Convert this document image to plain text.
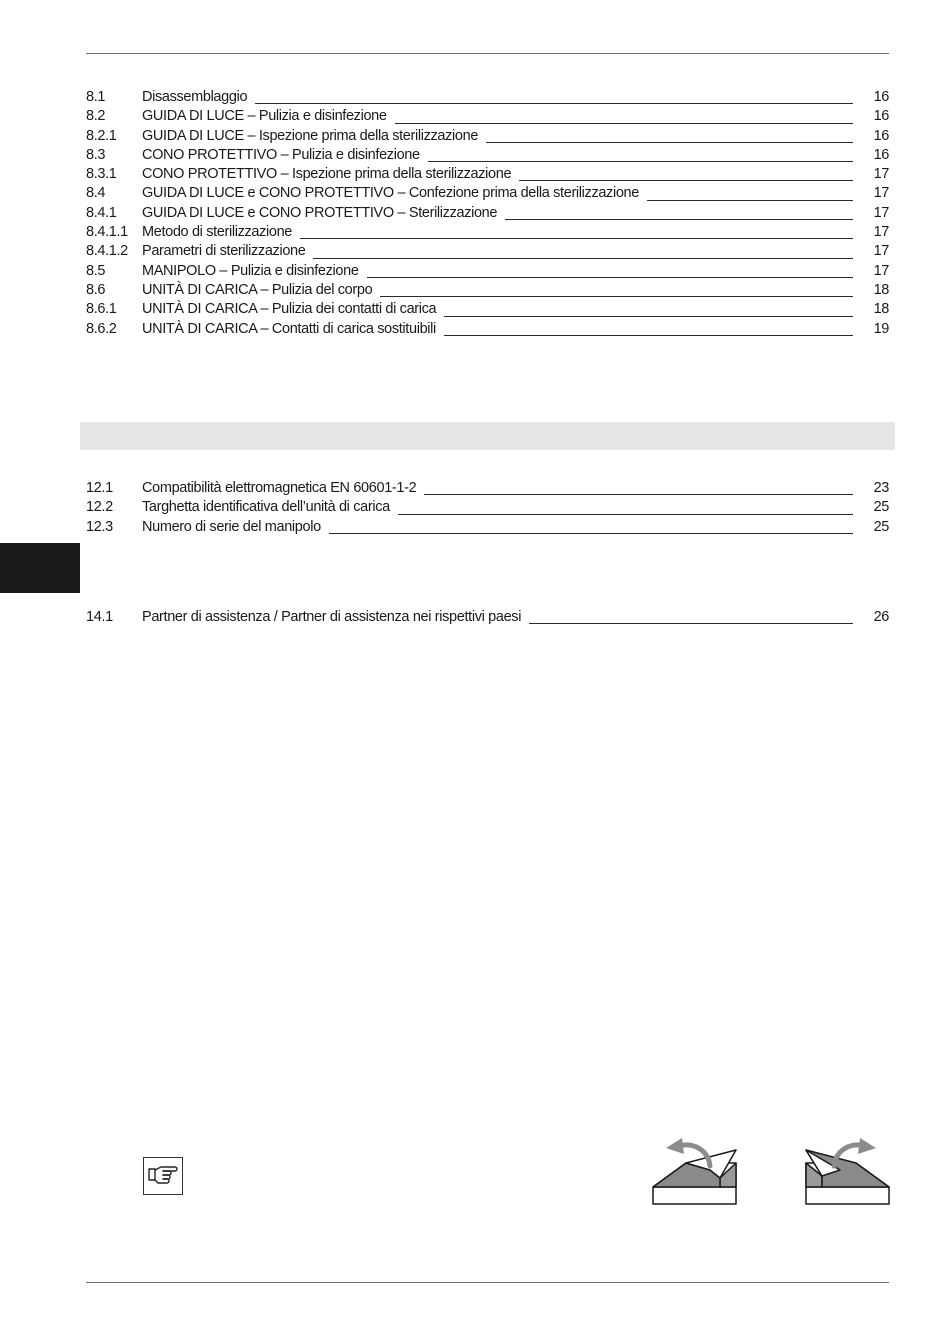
8.1	Disassemblaggio	16
8.2	GUIDA DI LUCE – Pulizia e disinfezione	16
8.2.1	GUIDA DI LUCE – Ispezione prima della sterilizzazione	16
8.3	CONO PROTETTIVO – Pulizia e disinfezione	16
8.3.1	CONO PROTETTIVO – Ispezione prima della sterilizzazione	17
8.4	GUIDA DI LUCE e CONO PROTETTIVO – Confezione prima della sterilizzazione	17
8.4.1	GUIDA DI LUCE e CONO PROTETTIVO – Sterilizzazione	17
8.4.1.1 Metodo di sterilizzazione	17
8.4.1.2 Parametri di sterilizzazione	17
8.5	MANIPOLO – Pulizia e disinfezione	17
8.6	UNITÀ DI CARICA – Pulizia del corpo	18
8.6.1	UNITÀ DI CARICA – Pulizia dei contatti di carica	18
8.6.2	UNITÀ DI CARICA – Contatti di carica sostituibili	19
12.1	Compatibilità elettromagnetica EN 60601-1-2	23
12.2	Targhetta identificativa dell’unità di carica	25
12.3	Numero di serie del manipolo	25
14.1	Partner di assistenza / Partner di assistenza nei rispettivi paesi	26
